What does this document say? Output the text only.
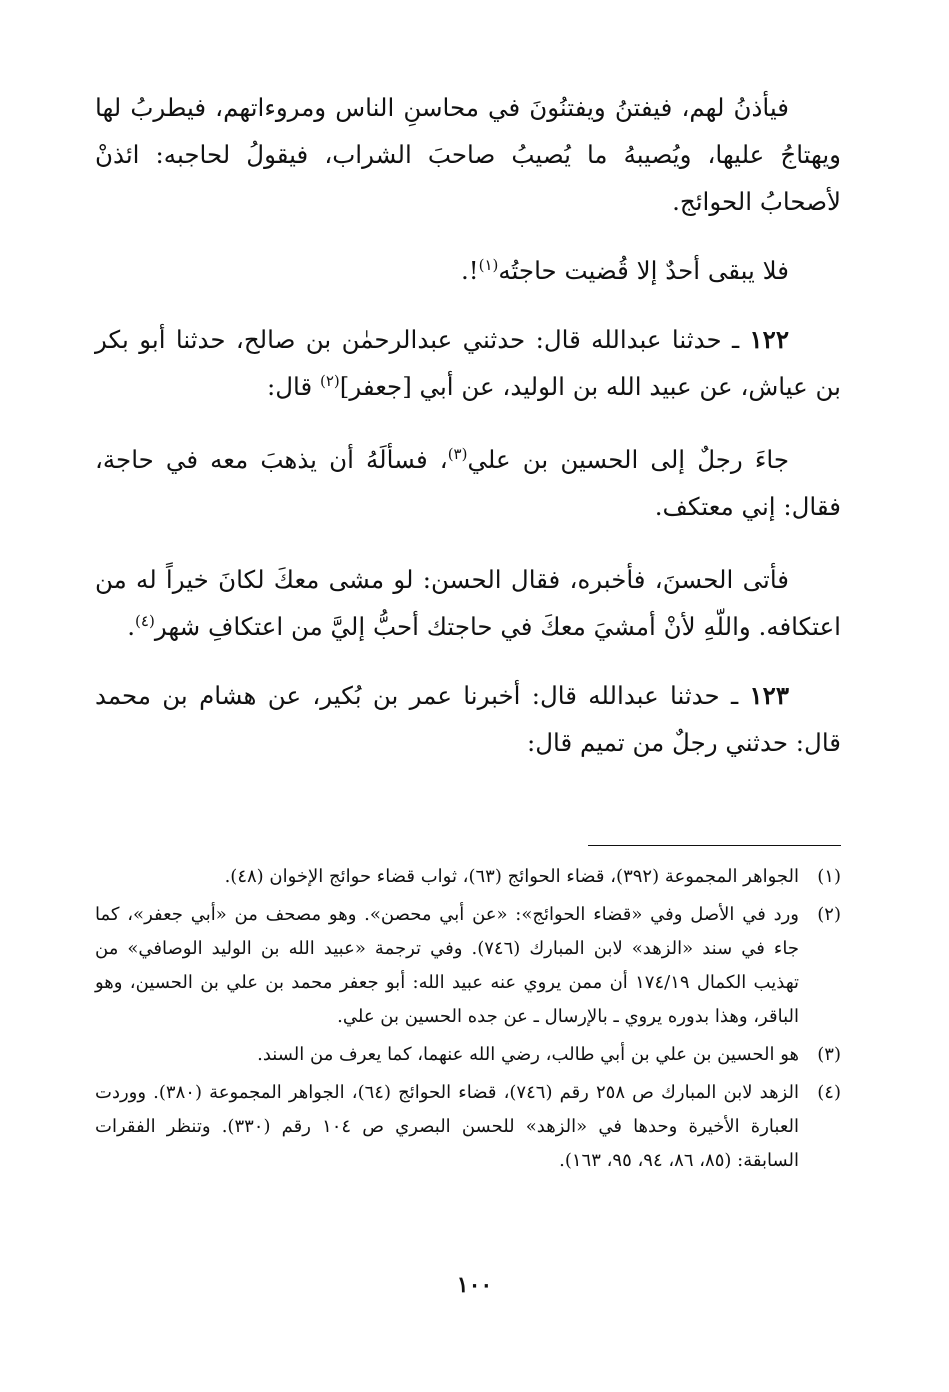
فيأذنُ لهم، فيفتنُ ويفتنُونَ في محاسنِ الناس ومروءاتهم، فيطربُ لها ويهتاجُ عليها، ويُصيبهُ ما يُصيبُ صاحبَ الشراب، فيقولُ لحاجبه: ائذنْ لأصحابُ الحوائج.

فلا يبقى أحدٌ إلا قُضيت حاجتُه$^{(١)}$!.

١٢٢ ـ حدثنا عبدالله قال: حدثني عبدالرحمٰن بن صالح، حدثنا أبو بكر بن عياش، عن عبيد الله بن الوليد، عن أبي [جعفر]$^{(٢)}$ قال:

جاءَ رجلٌ إلى الحسين بن علي$^{(٣)}$، فسألَهُ أن يذهبَ معه في حاجة، فقال: إني معتكف.

فأتى الحسنَ، فأخبره، فقال الحسن: لو مشى معكَ لكانَ خيراً له من اعتكافه. واللّهِ لأنْ أمشيَ معكَ في حاجتك أحبُّ إليَّ من اعتكافِ شهر$^{(٤)}$.

١٢٣ ـ حدثنا عبدالله قال: أخبرنا عمر بن بُكير، عن هشام بن محمد قال: حدثني رجلٌ من تميم قال:

(١)
الجواهر المجموعة (٣٩٢)، قضاء الحوائج (٦٣)، ثواب قضاء حوائج الإخوان (٤٨).
(٢)
ورد في الأصل وفي «قضاء الحوائج»: «عن أبي محصن». وهو مصحف من «أبي جعفر»، كما جاء في سند «الزهد» لابن المبارك (٧٤٦). وفي ترجمة «عبيد الله بن الوليد الوصافي» من تهذيب الكمال ١٧٤/١٩ أن ممن يروي عنه عبيد الله: أبو جعفر محمد بن علي بن الحسين، وهو الباقر، وهذا بدوره يروي ـ بالإرسال ـ عن جده الحسين بن علي.
(٣)
هو الحسين بن علي بن أبي طالب، رضي الله عنهما، كما يعرف من السند.
(٤)
الزهد لابن المبارك ص ٢٥٨ رقم (٧٤٦)، قضاء الحوائج (٦٤)، الجواهر المجموعة (٣٨٠). ووردت العبارة الأخيرة وحدها في «الزهد» للحسن البصري ص ١٠٤ رقم (٣٣٠). وتنظر الفقرات السابقة: (٨٥، ٨٦، ٩٤، ٩٥، ١٦٣).
١٠٠
